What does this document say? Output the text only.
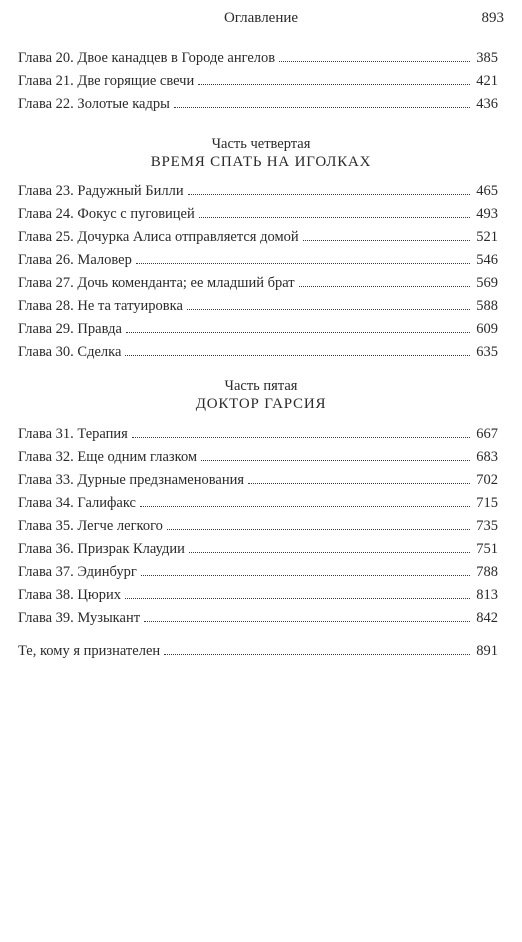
Оглавление	893
Глава 20. Двое канадцев в Городе ангелов	385
Глава 21. Две горящие свечи	421
Глава 22. Золотые кадры	436
Часть четвертая
ВРЕМЯ СПАТЬ НА ИГОЛКАХ
Глава 23. Радужный Билли	465
Глава 24. Фокус с пуговицей	493
Глава 25. Дочурка Алиса отправляется домой	521
Глава 26. Маловер	546
Глава 27. Дочь коменданта; ее младший брат	569
Глава 28. Не та татуировка	588
Глава 29. Правда	609
Глава 30. Сделка	635
Часть пятая
ДОКТОР ГАРСИЯ
Глава 31. Терапия	667
Глава 32. Еще одним глазком	683
Глава 33. Дурные предзнаменования	702
Глава 34. Галифакс	715
Глава 35. Легче легкого	735
Глава 36. Призрак Клаудии	751
Глава 37. Эдинбург	788
Глава 38. Цюрих	813
Глава 39. Музыкант	842
Те, кому я признателен	891
